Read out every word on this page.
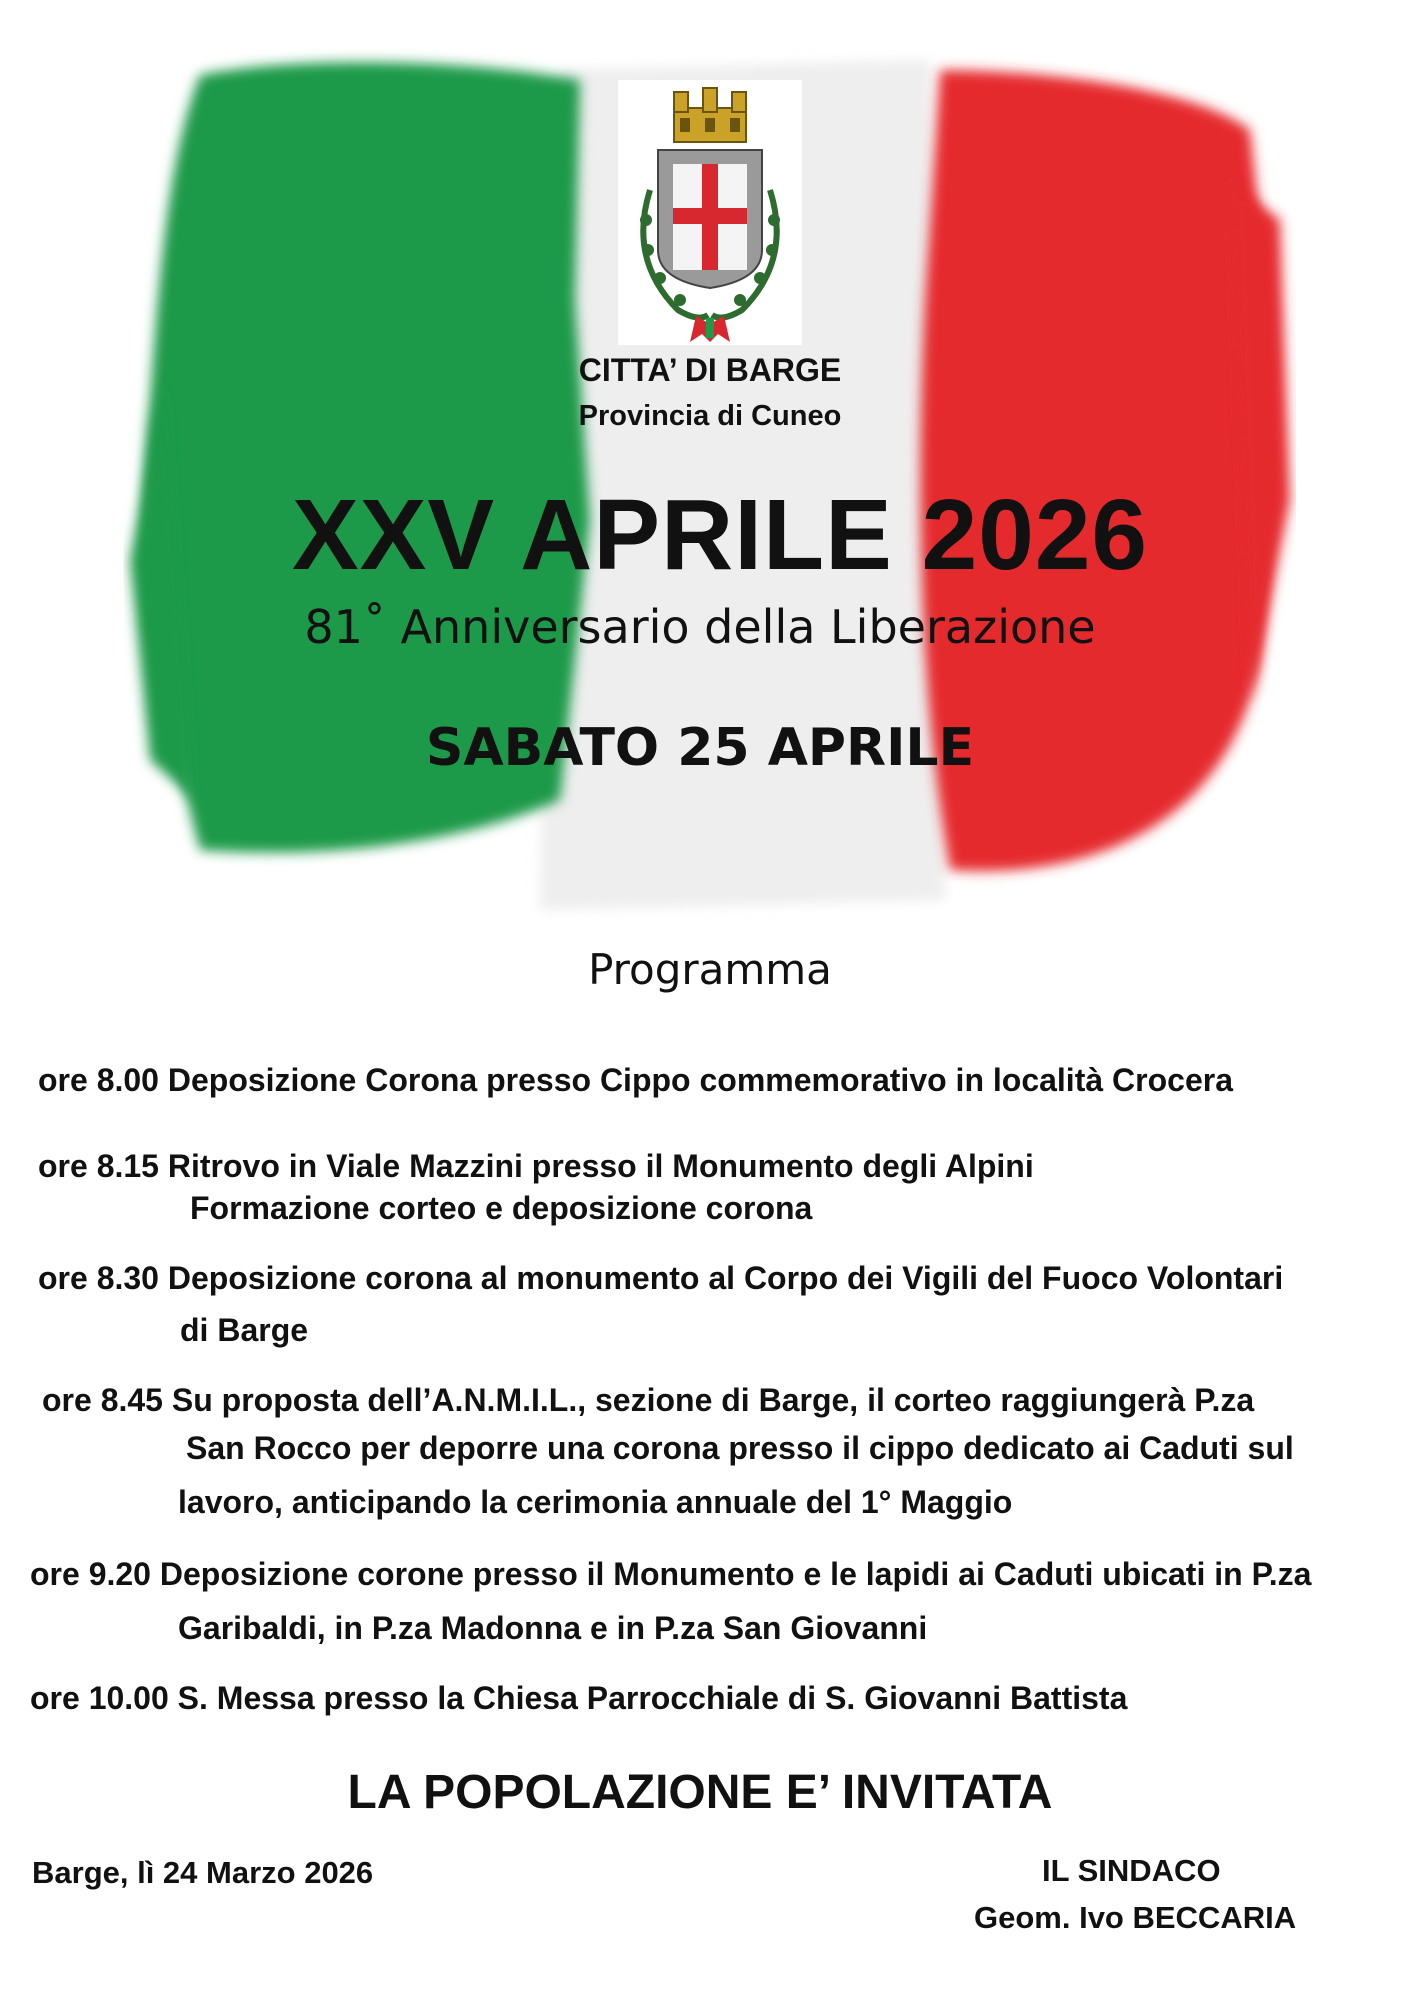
CITTA’ DI BARGE
Provincia di Cuneo
XXV APRILE 2026
81˚ Anniversario della Liberazione
SABATO 25 APRILE
Programma
ore 8.00 Deposizione Corona presso Cippo commemorativo in località Crocera
ore 8.15 Ritrovo in Viale Mazzini presso il Monumento degli Alpini
Formazione corteo e deposizione corona
ore 8.30 Deposizione corona al monumento al Corpo dei Vigili del Fuoco Volontari
di Barge
ore 8.45 Su proposta dell’A.N.M.I.L., sezione di Barge, il corteo raggiungerà P.za
San Rocco per deporre una corona presso il cippo dedicato ai Caduti sul
lavoro, anticipando la cerimonia annuale del 1° Maggio
ore 9.20 Deposizione corone presso il Monumento e le lapidi ai Caduti ubicati in P.za
Garibaldi, in P.za Madonna e in P.za San Giovanni
ore 10.00 S. Messa presso la Chiesa Parrocchiale di S. Giovanni Battista
LA POPOLAZIONE E’ INVITATA
Barge, lì 24 Marzo 2026	IL SINDACO
Geom. Ivo BECCARIA
